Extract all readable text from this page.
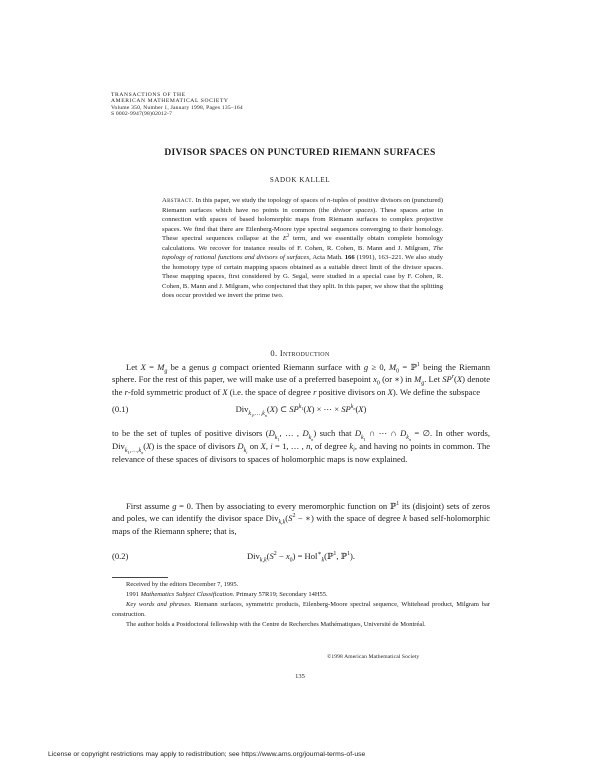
TRANSACTIONS OF THE
AMERICAN MATHEMATICAL SOCIETY
Volume 350, Number 1, January 1998, Pages 135–164
S 0002-9947(98)02012-7
DIVISOR SPACES ON PUNCTURED RIEMANN SURFACES
SADOK KALLEL
Abstract. In this paper, we study the topology of spaces of n-tuples of positive divisors on (punctured) Riemann surfaces which have no points in common (the divisor spaces). These spaces arise in connection with spaces of based holomorphic maps from Riemann surfaces to complex projective spaces. We find that there are Eilenberg-Moore type spectral sequences converging to their homology. These spectral sequences collapse at the $E^2$ term, and we essentially obtain complete homology calculations. We recover for instance results of F. Cohen, R. Cohen, B. Mann and J. Milgram, The topology of rational functions and divisors of surfaces, Acta Math. 166 (1991), 163–221. We also study the homotopy type of certain mapping spaces obtained as a suitable direct limit of the divisor spaces. These mapping spaces, first considered by G. Segal, were studied in a special case by F. Cohen, R. Cohen, B. Mann and J. Milgram, who conjectured that they split. In this paper, we show that the splitting does occur provided we invert the prime two.
0. Introduction

Let $X = M_g$ be a genus g compact oriented Riemann surface with g ≥ 0, $M_0$ = ℙ$^1$ being the Riemann sphere. For the rest of this paper, we will make use of a preferred basepoint $x_0$ (or ∗) in $M_g$. Let $SP^r(X)$ denote the r-fold symmetric product of X (i.e. the space of degree r positive divisors on X). We define the subspace

(0.1)	Div$_{k_1,\dots,k_n}$(X) ⊂ $SP^{k_1}(X)$ × ⋯ × $SP^{k_n}(X)$

to be the set of tuples of positive divisors ($D_{k_1}$, … , $D_{k_n}$) such that $D_{k_1}$ ∩ ⋯ ∩ $D_{k_n}$ = ∅. In other words, Div$_{k_1,\dots,k_n}$(X) is the space of divisors $D_{k_i}$ on X, i = 1, … , n, of degree $k_i$, and having no points in common. The relevance of these spaces of divisors to spaces of holomorphic maps is now explained.

First assume g = 0. Then by associating to every meromorphic function on ℙ$^1$ its (disjoint) sets of zeros and poles, we can identify the divisor space $Div_{k,k}(S^2$ − ∗) with the space of degree k based self-holomorphic maps of the Riemann sphere; that is,

(0.2)	$Div_{k,k}(S^2 - x_0)$ = Hol∗$_k$(ℙ$^1$, ℙ$^1$).

Received by the editors December 7, 1995.

1991 Mathematics Subject Classification. Primary 57R19; Secondary 14H55.

Key words and phrases. Riemann surfaces, symmetric products, Eilenberg-Moore spectral sequence, Whitehead product, Milgram bar construction.

The author holds a Postdoctoral fellowship with the Centre de Recherches Mathématiques, Université de Montréal.

©1998 American Mathematical Society
135
License or copyright restrictions may apply to redistribution; see https://www.ams.org/journal-terms-of-use
